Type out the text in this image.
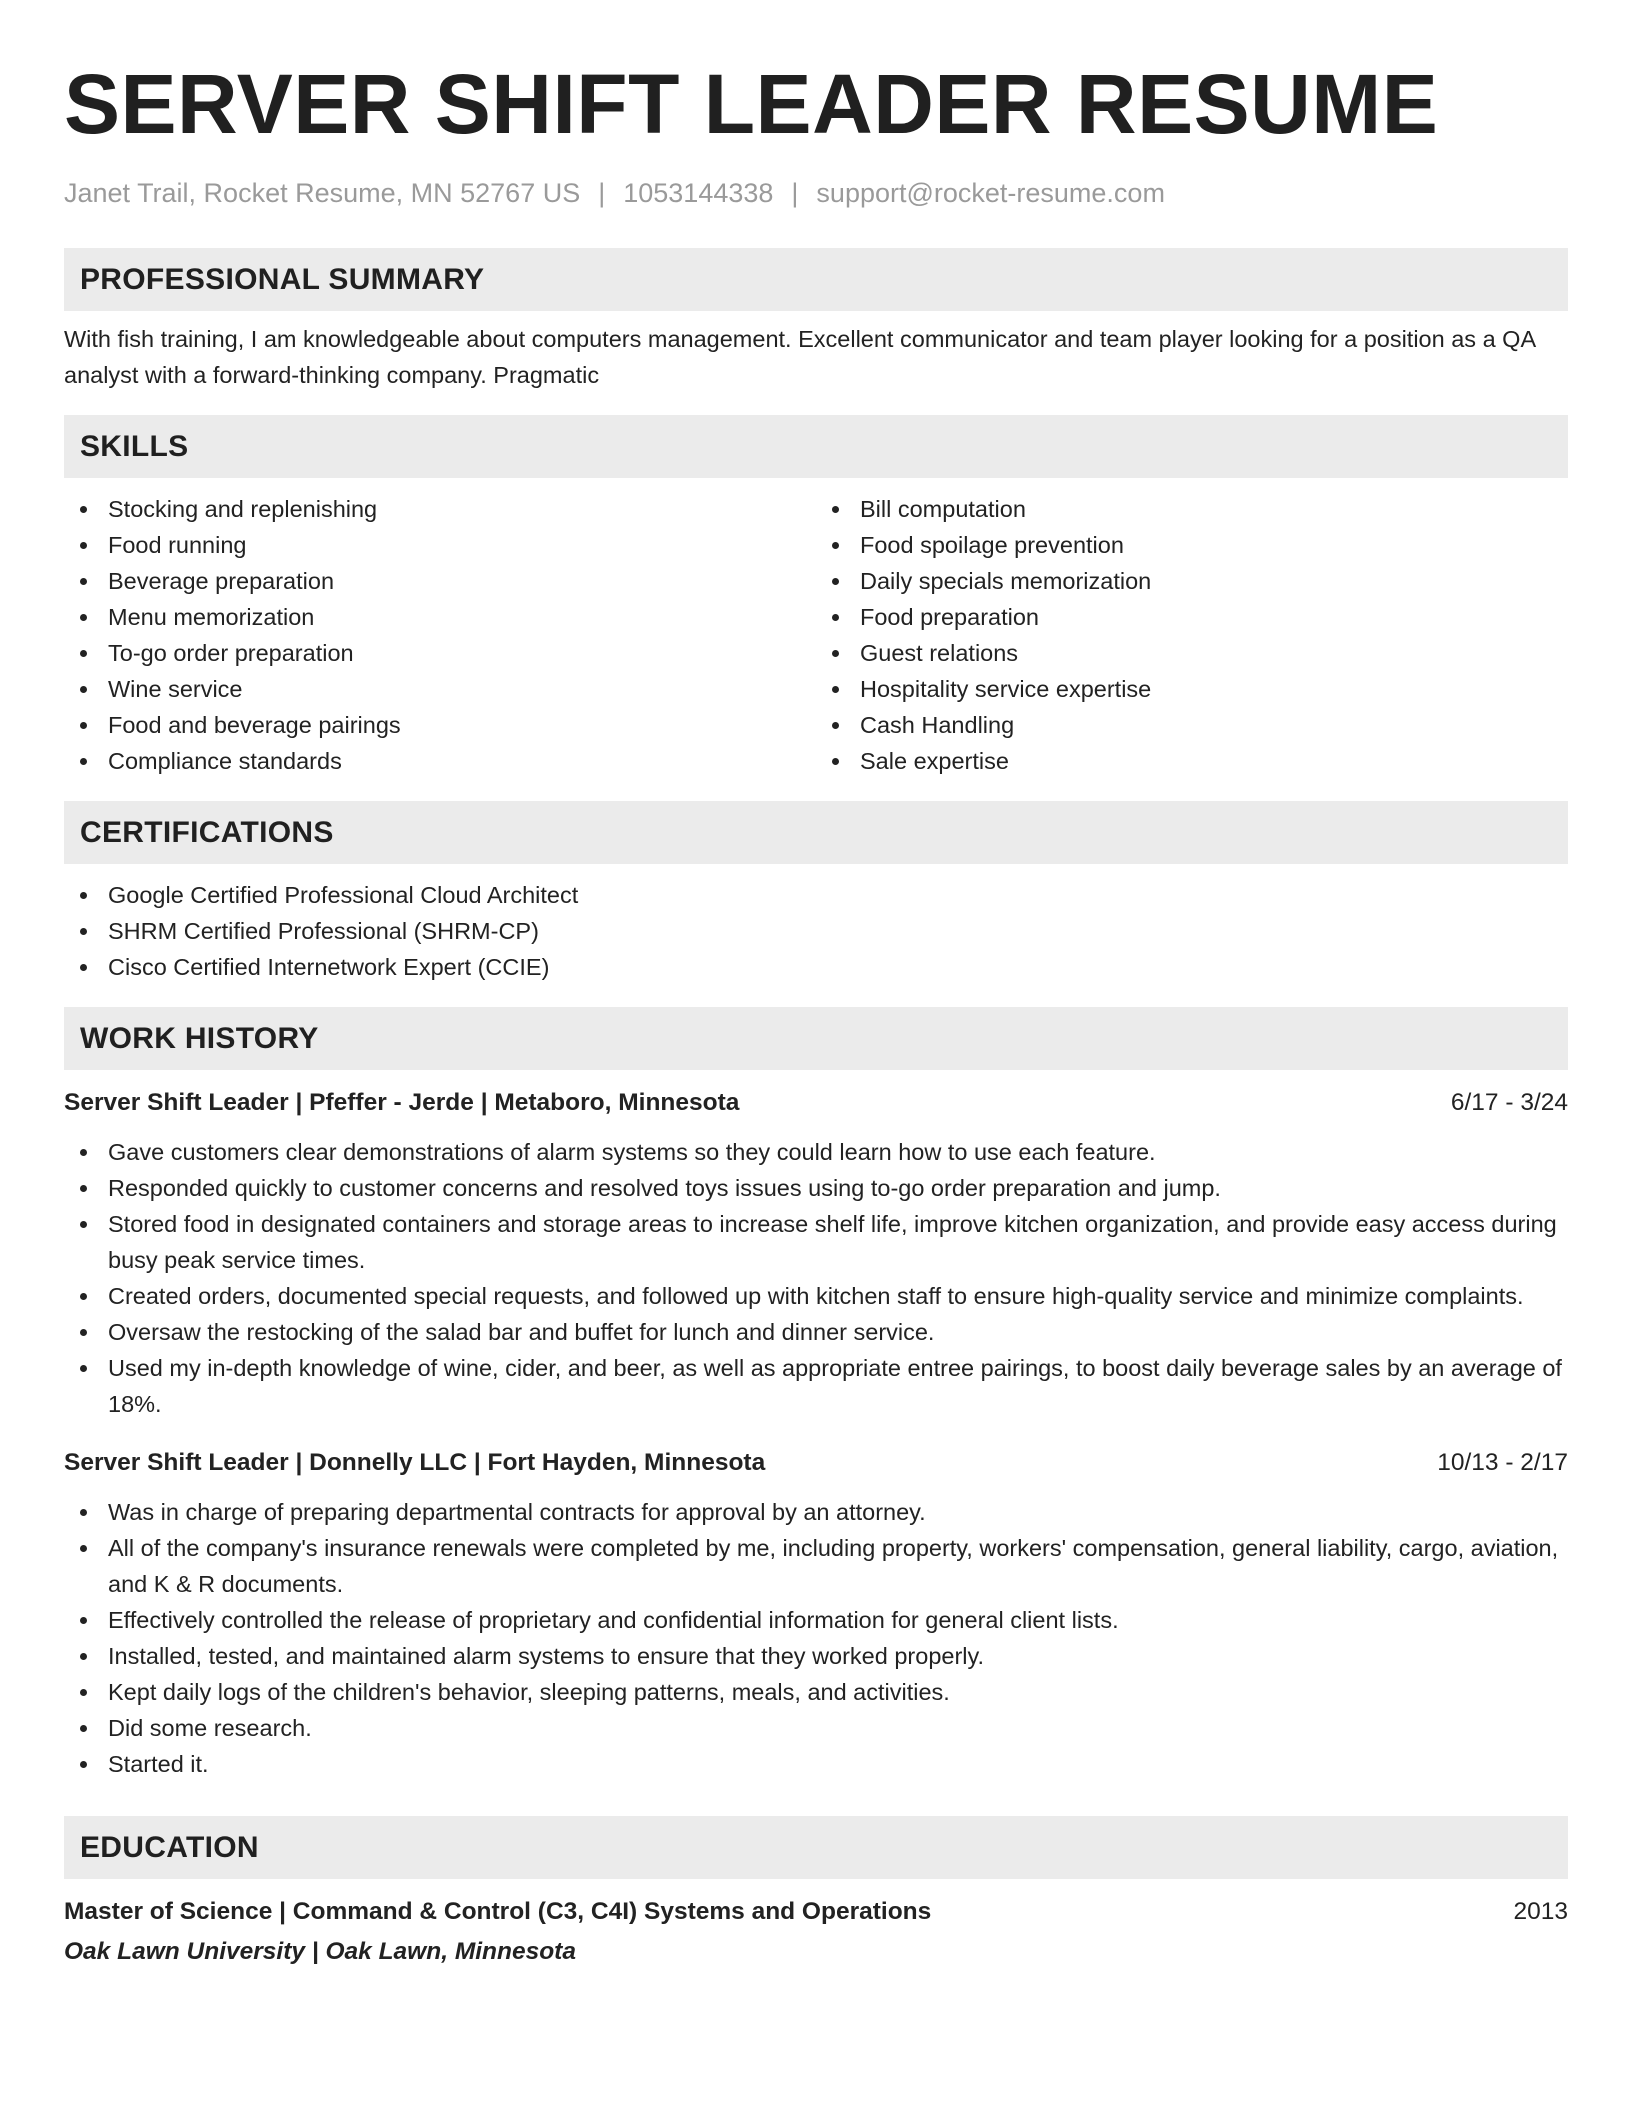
SERVER SHIFT LEADER RESUME
Janet Trail, Rocket Resume, MN 52767 US | 1053144338 | support@rocket-resume.com
PROFESSIONAL SUMMARY
With fish training, I am knowledgeable about computers management. Excellent communicator and team player looking for a position as a QA analyst with a forward-thinking company. Pragmatic
SKILLS
Stocking and replenishing
Food running
Beverage preparation
Menu memorization
To-go order preparation
Wine service
Food and beverage pairings
Compliance standards
Bill computation
Food spoilage prevention
Daily specials memorization
Food preparation
Guest relations
Hospitality service expertise
Cash Handling
Sale expertise
CERTIFICATIONS
Google Certified Professional Cloud Architect
SHRM Certified Professional (SHRM-CP)
Cisco Certified Internetwork Expert (CCIE)
WORK HISTORY
Server Shift Leader | Pfeffer - Jerde | Metaboro, Minnesota	6/17 - 3/24
Gave customers clear demonstrations of alarm systems so they could learn how to use each feature.
Responded quickly to customer concerns and resolved toys issues using to-go order preparation and jump.
Stored food in designated containers and storage areas to increase shelf life, improve kitchen organization, and provide easy access during busy peak service times.
Created orders, documented special requests, and followed up with kitchen staff to ensure high-quality service and minimize complaints.
Oversaw the restocking of the salad bar and buffet for lunch and dinner service.
Used my in-depth knowledge of wine, cider, and beer, as well as appropriate entree pairings, to boost daily beverage sales by an average of 18%.
Server Shift Leader | Donnelly LLC | Fort Hayden, Minnesota	10/13 - 2/17
Was in charge of preparing departmental contracts for approval by an attorney.
All of the company's insurance renewals were completed by me, including property, workers' compensation, general liability, cargo, aviation, and K & R documents.
Effectively controlled the release of proprietary and confidential information for general client lists.
Installed, tested, and maintained alarm systems to ensure that they worked properly.
Kept daily logs of the children's behavior, sleeping patterns, meals, and activities.
Did some research.
Started it.
EDUCATION
Master of Science | Command & Control (C3, C4I) Systems and Operations	2013
Oak Lawn University | Oak Lawn, Minnesota
